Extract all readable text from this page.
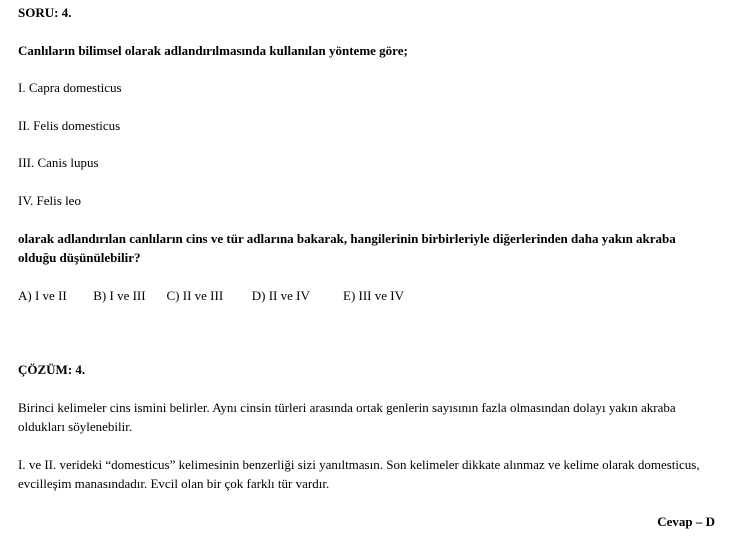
SORU: 4.
Canlıların bilimsel olarak adlandırılmasında kullanılan yönteme göre;
I. Capra domesticus
II. Felis domesticus
III. Canis lupus
IV. Felis leo
olarak adlandırılan canlıların cins ve tür adlarına bakarak, hangilerinin birbirleriyle diğerlerinden daha yakın akraba olduğu düşünülebilir?
A) I ve II B) I ve III C) II ve III D) II ve IV	E) III ve IV
ÇÖZÜM: 4.
Birinci kelimeler cins ismini belirler. Aynı cinsin türleri arasında ortak genlerin sayısının fazla olmasından dolayı yakın akraba oldukları söylenebilir.
I. ve II. verideki “domesticus” kelimesinin benzerliği sizi yanıltmasın. Son kelimeler dikkate alınmaz ve kelime olarak domesticus, evcilleşim manasındadır. Evcil olan bir çok farklı tür vardır.
Cevap – D
